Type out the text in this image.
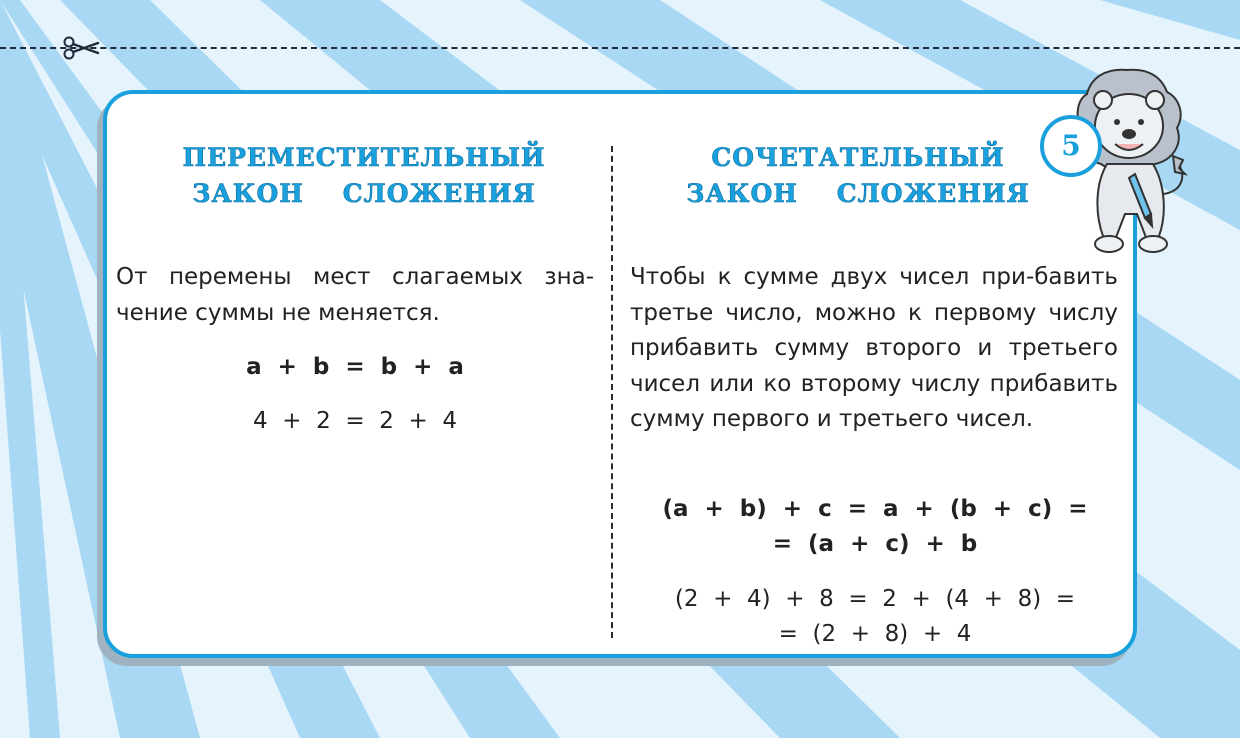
ПЕРЕМЕСТИТЕЛЬНЫЙ
ЗАКОН    СЛОЖЕНИЯ
СОЧЕТАТЕЛЬНЫЙ
ЗАКОН    СЛОЖЕНИЯ

От перемены мест слагаемых зна-чение суммы не меняется.

Чтобы к сумме двух чисел при-бавить третье число, можно к первому числу прибавить сумму второго и третьего чисел или ко второму числу прибавить сумму первого и третьего чисел.

a  +  b  =  b  +  a

4  +  2  =  2  +  4

(a  +  b)  +  c  =  a  +  (b  +  c)  =

=  (a  +  c)  +  b

(2  +  4)  +  8  =  2  +  (4  +  8)  =

=  (2  +  8)  +  4

5
